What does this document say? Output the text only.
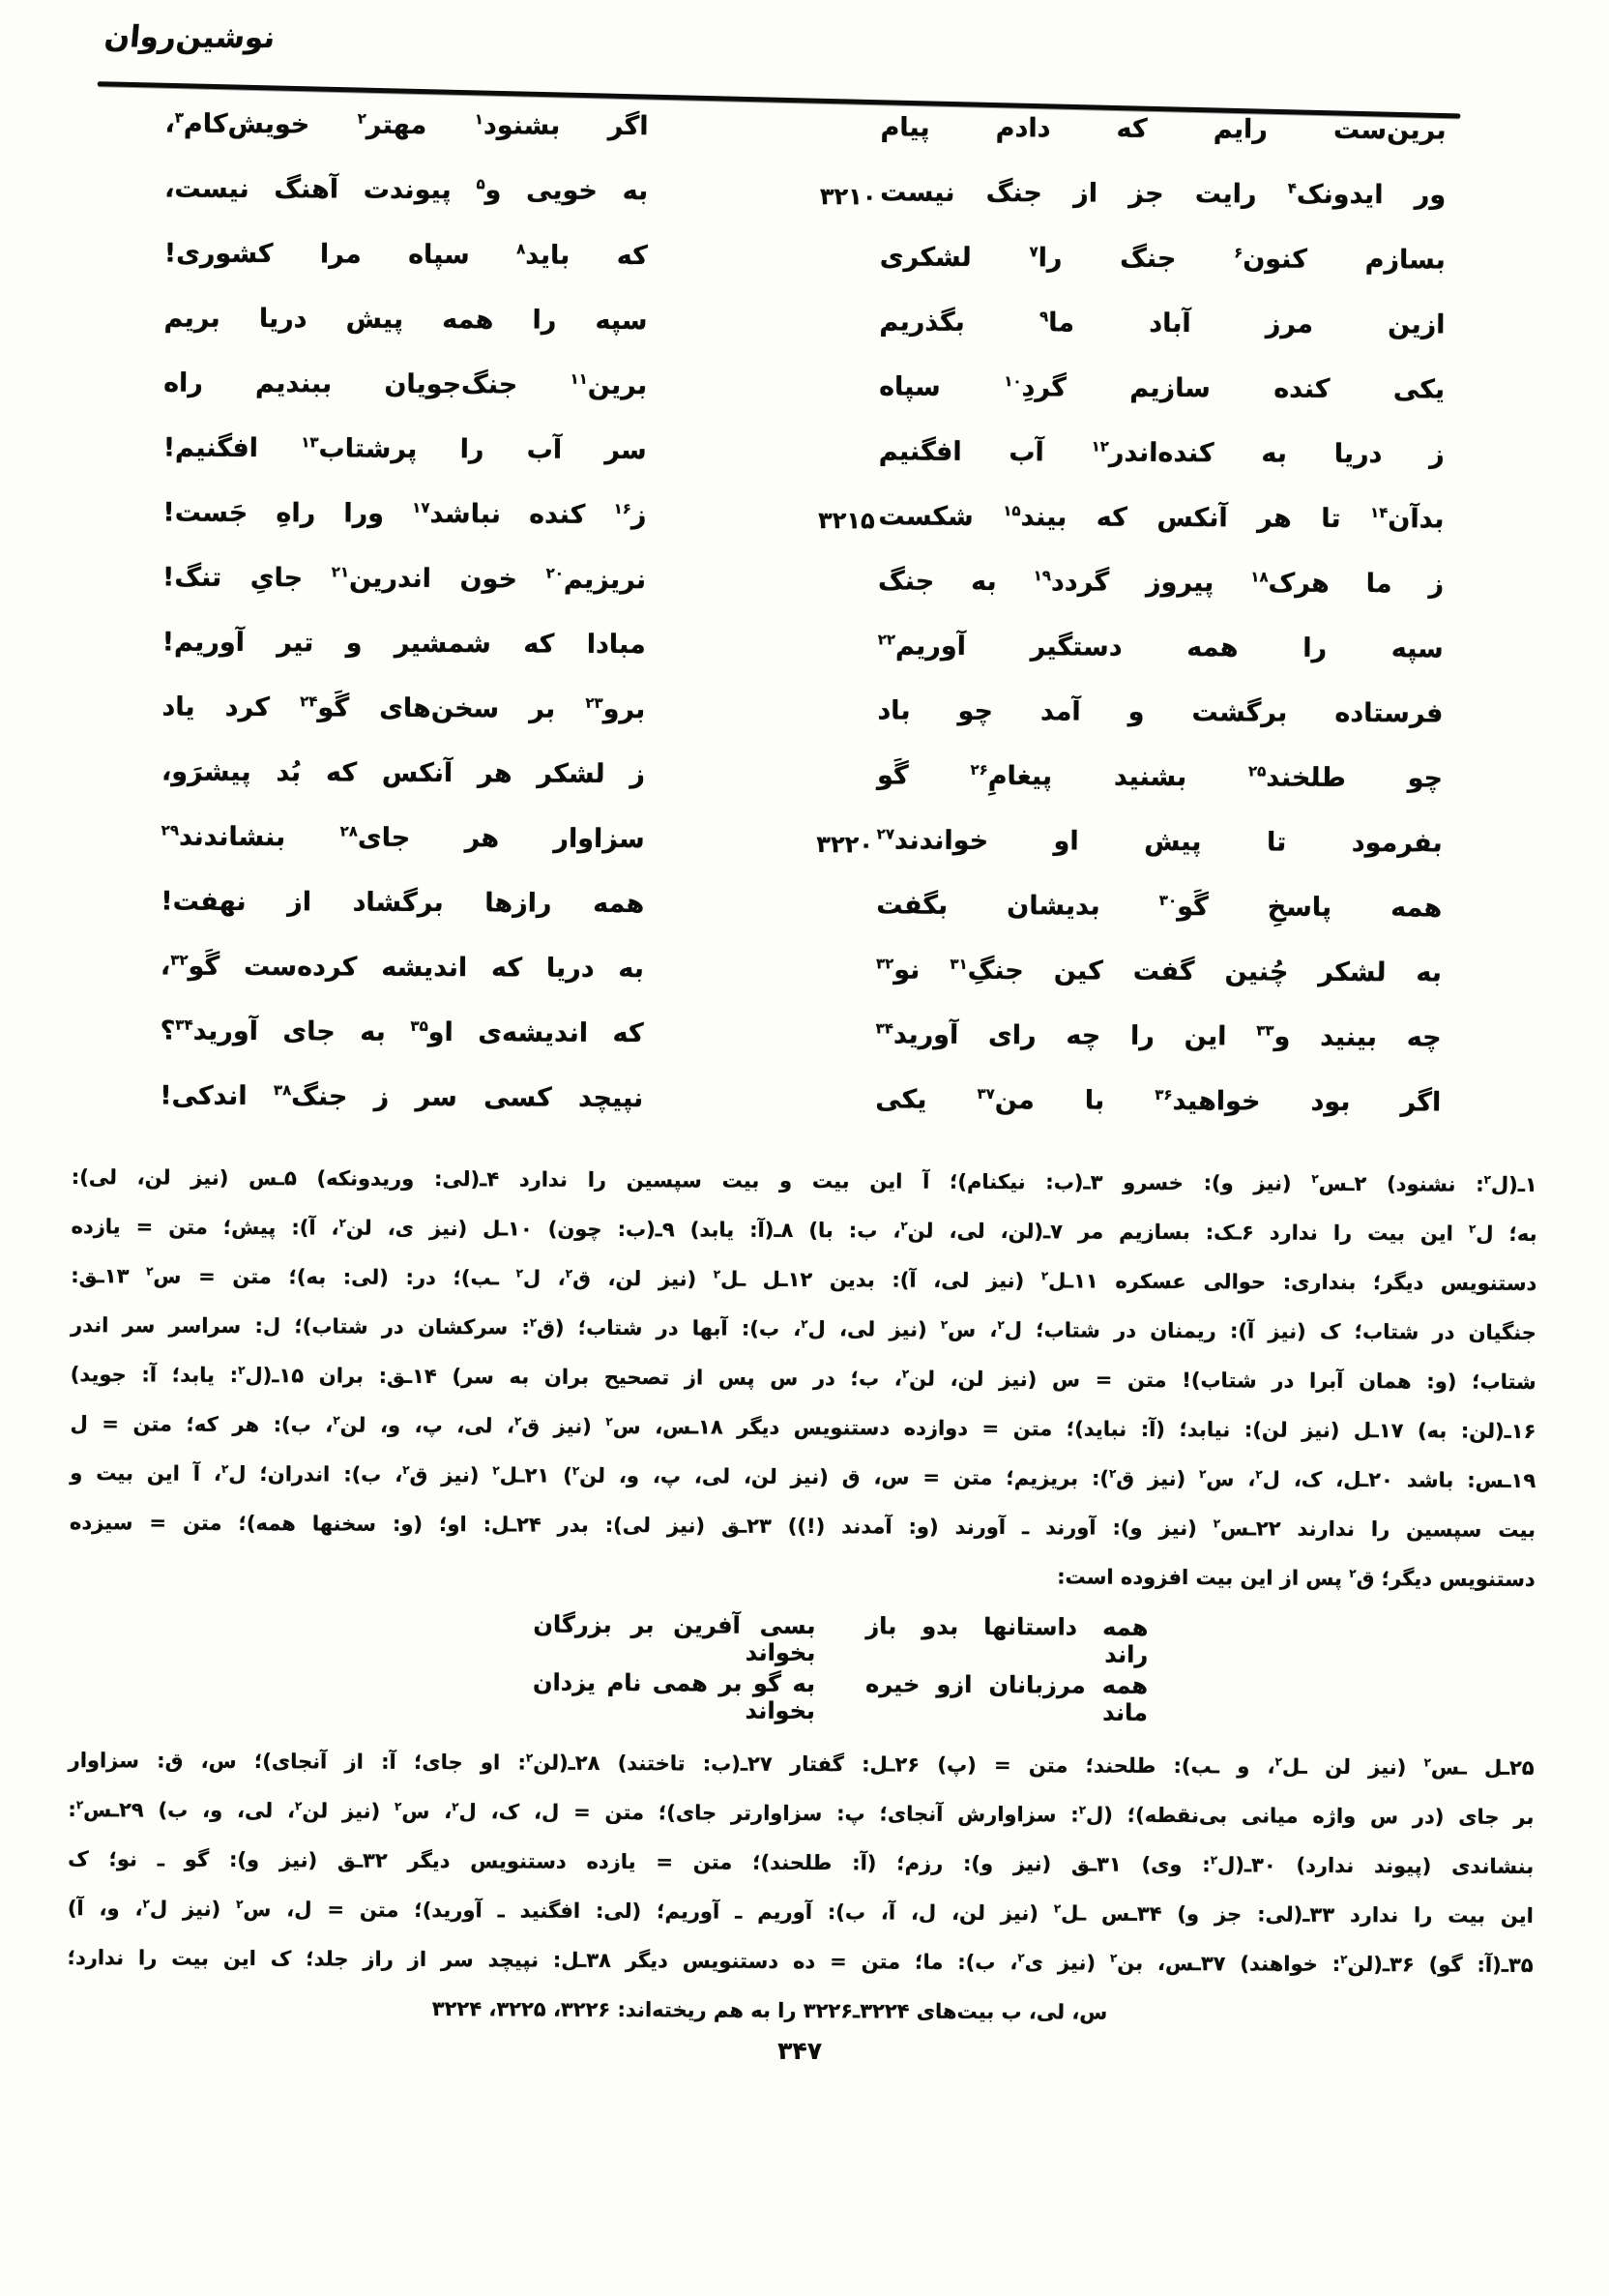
نوشین‌روان
برین‌ست رایم که دادم پیام
اگر بشنود$^۱$ مهتر$^۲$ خویش‌کام$^۳$،
ور ایدونک$^۴$ رایت جز از جنگ نیست
۳۲۱۰
به خویی و$^۵$ پیوندت آهنگ نیست،
بسازم کنون$^۶$ جنگ را$^۷$ لشکری
که باید$^۸$ سپاه مرا کشوری!
ازین مرز آباد ما$^۹$ بگذریم
سپه را همه پیش دریا بریم
یکی کنده سازیم گردِ$^{۱۰}$ سپاه
برین$^{۱۱}$ جنگ‌جویان ببندیم راه
ز دریا به کنده‌اندر$^{۱۲}$ آب افگنیم
سر آب را پرشتاب$^{۱۳}$ افگنیم!
بدآن$^{۱۴}$ تا هر آنکس که بیند$^{۱۵}$ شکست
۳۲۱۵
ز$^{۱۶}$ کنده نباشد$^{۱۷}$ ورا راهِ جَست!
ز ما هرک$^{۱۸}$ پیروز گردد$^{۱۹}$ به جنگ
نریزیم$^{۲۰}$ خون اندرین$^{۲۱}$ جایِ تنگ!
سپه را همه دستگیر آوریم$^{۲۲}$
مبادا که شمشیر و تیر آوریم!
فرستاده برگشت و آمد چو باد
برو$^{۲۳}$ بر سخن‌های گَو$^{۲۴}$ کرد یاد
چو طلخند$^{۲۵}$ بشنید پیغامِ$^{۲۶}$ گَو
ز لشکر هر آنکس که بُد پیشرَو،
بفرمود تا پیش او خواندند$^{۲۷}$
۳۲۲۰
سزاوار هر جای$^{۲۸}$ بنشاندند$^{۲۹}$
همه پاسخِ گَو$^{۳۰}$ بدیشان بگفت
همه رازها برگشاد از نهفت!
به لشکر چُنین گفت کین جنگِ$^{۳۱}$ نو$^{۳۲}$
به دریا که اندیشه کرده‌ست گَو$^{۳۲}$،
چه بینید و$^{۳۳}$ این را چه رای آورید$^{۳۴}$
که اندیشه‌ی او$^{۳۵}$ به جای آورید$^{۳۴}$؟
اگر بود خواهید$^{۳۶}$ با من$^{۳۷}$ یکی
نپیچد کسی سر ز جنگ$^{۳۸}$ اندکی!
۱ـ(ل$^۲$: نشنود) ۲ـس$^۲$ (نیز و): خسرو ۳ـ(ب: نیکنام)؛ آ این بیت و بیت سپسین را ندارد ۴ـ(لی: وریدونکه) ۵ـس (نیز لن، لی):
به؛ ل$^۲$ این بیت را ندارد ۶ـک: بسازیم مر ۷ـ(لن، لی، لن$^۲$، ب: با) ۸ـ(آ: یابد) ۹ـ(ب: چون) ۱۰ـل (نیز ی، لن$^۲$، آ): پیش؛ متن = یازده
دستنویس دیگر؛ بنداری: حوالی عسکره ۱۱ـل$^۲$ (نیز لی، آ): بدین ۱۲ـل ـل$^۲$ (نیز لن، ق$^۲$، ل$^۲$ ـب)؛ در: (لی: به)؛ متن = س$^۲$ ۱۳ـق:
جنگیان در شتاب؛ ک (نیز آ): ریمنان در شتاب؛ ل$^۲$، س$^۲$ (نیز لی، ل$^۲$، ب): آبها در شتاب؛ (ق$^۲$: سرکشان در شتاب)؛ ل: سراسر سر اندر
شتاب؛ (و: همان آبرا در شتاب)! متن = س (نیز لن، لن$^۲$، ب؛ در س پس از تصحیح بران به سر) ۱۴ـق: بران ۱۵ـ(ل$^۲$: یابد؛ آ: جوید)
۱۶ـ(لن: به) ۱۷ـل (نیز لن): نیابد؛ (آ: نباید)؛ متن = دوازده دستنویس دیگر ۱۸ـس، س$^۲$ (نیز ق$^۲$، لی، پ، و، لن$^۲$، ب): هر که؛ متن = ل
۱۹ـس: باشد ۲۰ـل، ک، ل$^۲$، س$^۲$ (نیز ق$^۲$): بریزیم؛ متن = س، ق (نیز لن، لی، پ، و، لن$^۲$) ۲۱ـل$^۲$ (نیز ق$^۲$، ب): اندران؛ ل$^۲$، آ این بیت و
بیت سپسین را ندارند ۲۲ـس$^۲$ (نیز و): آورند ـ آورند (و: آمدند (!)) ۲۳ـق (نیز لی): بدر ۲۴ـل: او؛ (و: سخنها همه)؛ متن = سیزده
دستنویس دیگر؛ ق$^۲$ پس از این بیت افزوده است:
همه داستانها بدو باز راند
بسی آفرین بر بزرگان بخواند
همه مرزبانان ازو خیره ماند
به گو بر همی نام یزدان بخواند
۲۵ـل ـس$^۲$ (نیز لن ـل$^۲$، و ـب): طلحند؛ متن = (پ) ۲۶ـل: گفتار ۲۷ـ(ب: تاختند) ۲۸ـ(لن$^۲$: او جای؛ آ: از آنجای)؛ س، ق: سزاوار
بر جای (در س واژه میانی بی‌نقطه)؛ (ل$^۲$: سزاوارش آنجای؛ پ: سزاوارتر جای)؛ متن = ل، ک، ل$^۲$، س$^۲$ (نیز لن$^۲$، لی، و، ب) ۲۹ـس$^۲$:
بنشاندی (پیوند ندارد) ۳۰ـ(ل$^۲$: وی) ۳۱ـق (نیز و): رزم؛ (آ: طلحند)؛ متن = یازده دستنویس دیگر ۳۲ـق (نیز و): گو ـ نو؛ ک
این بیت را ندارد ۳۳ـ(لی: جز و) ۳۴ـس ـل$^۲$ (نیز لن، ل، آ، ب): آوریم ـ آوریم؛ (لی: افگنید ـ آورید)؛ متن = ل، س$^۲$ (نیز ل$^۲$، و، آ)
۳۵ـ(آ: گو) ۳۶ـ(لن$^۲$: خواهند) ۳۷ـس، بن$^۲$ (نیز ی$^۲$، ب): ما؛ متن = ده دستنویس دیگر ۳۸ـل: نپیچد سر از راز جلد؛ ک این بیت را ندارد؛
س، لی، ب بیت‌های ۳۲۲۴ـ۳۲۲۶ را به هم ریخته‌اند: ۳۲۲۶، ۳۲۲۵، ۳۲۲۴
۳۴۷
